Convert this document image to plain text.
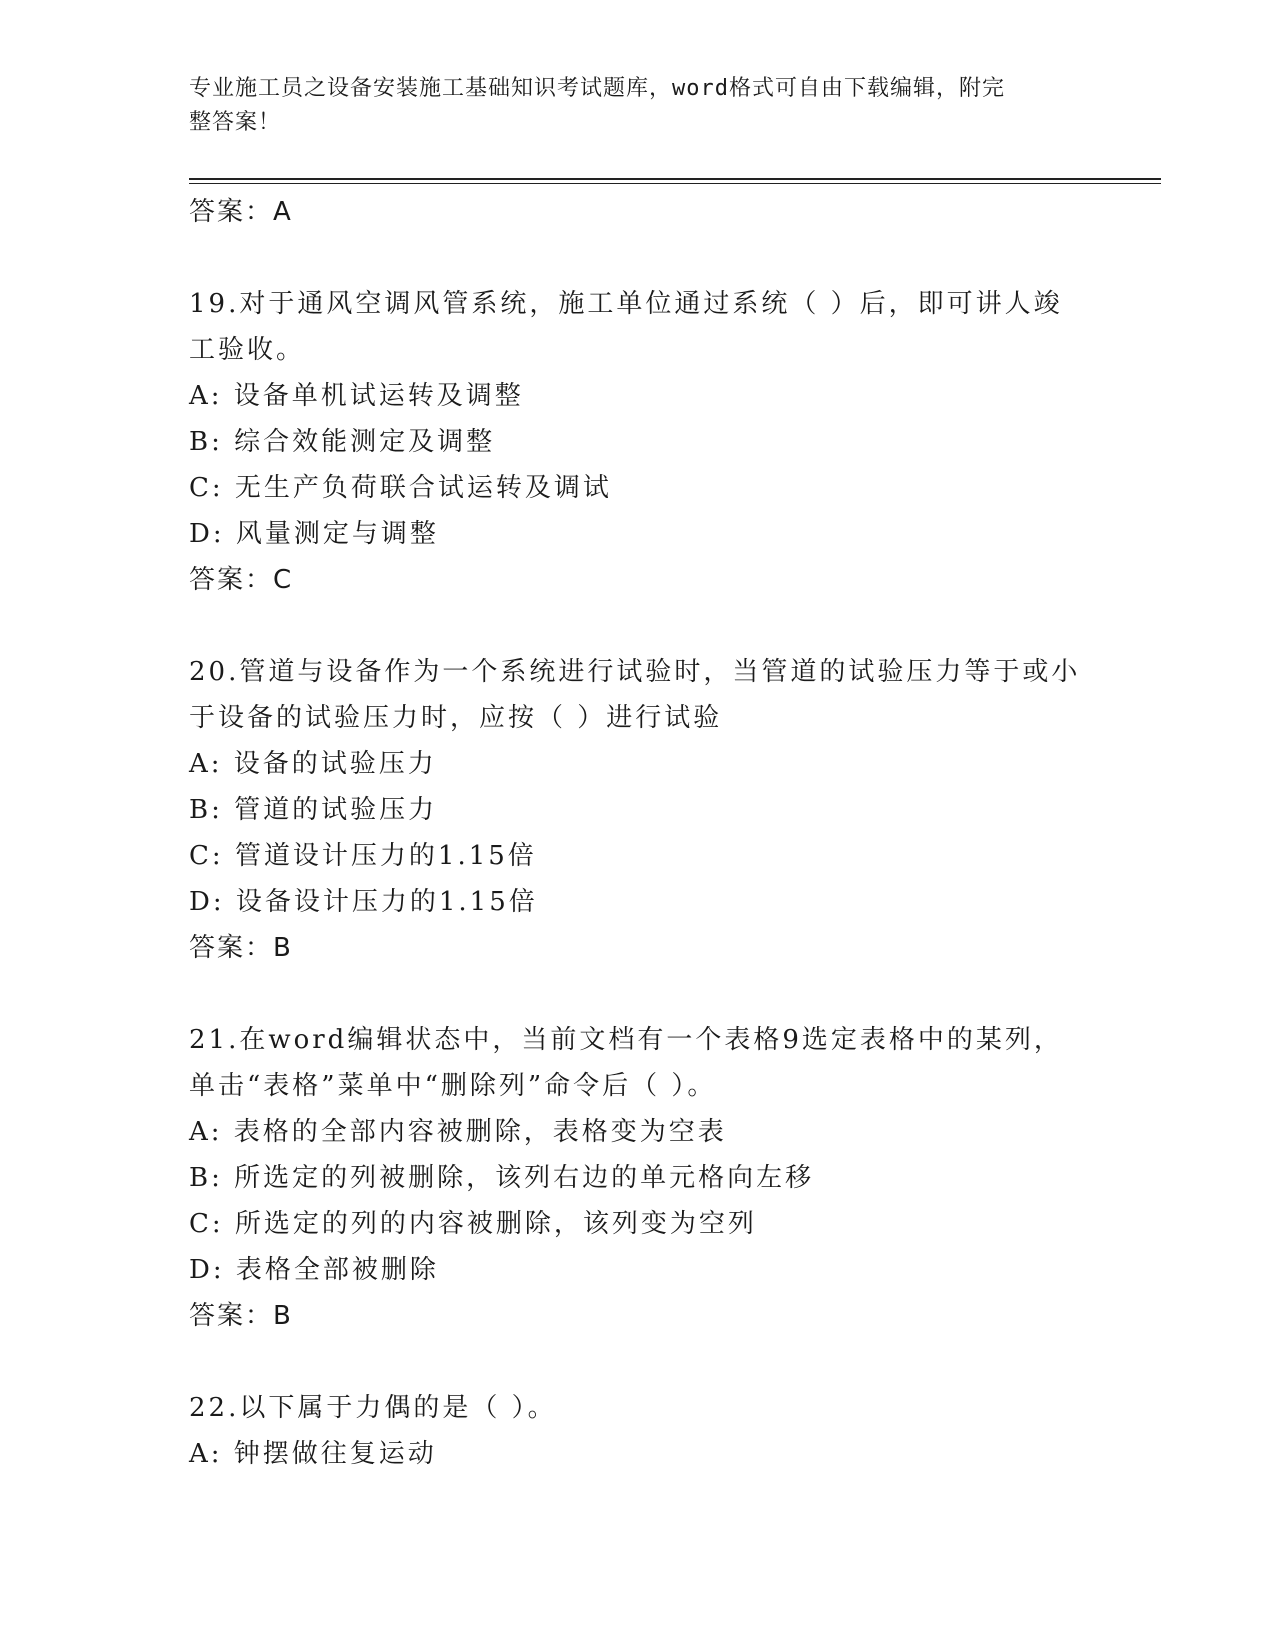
专业施工员之设备安装施工基础知识考试题库，word格式可自由下载编辑，附完
整答案！
答案：A
19.对于通风空调风管系统，施工单位通过系统（ ）后，即可讲人竣
工验收。
A: 设备单机试运转及调整
B: 综合效能测定及调整
C: 无生产负荷联合试运转及调试
D: 风量测定与调整
答案：C
20.管道与设备作为一个系统进行试验时，当管道的试验压力等于或小
于设备的试验压力时，应按（ ）进行试验
A: 设备的试验压力
B: 管道的试验压力
C: 管道设计压力的1.15倍
D: 设备设计压力的1.15倍
答案：B
21.在word编辑状态中，当前文档有一个表格9选定表格中的某列，
单击“表格”菜单中“删除列”命令后（ ）。
A: 表格的全部内容被删除，表格变为空表
B: 所选定的列被删除，该列右边的单元格向左移
C: 所选定的列的内容被删除，该列变为空列
D: 表格全部被删除
答案：B
22.以下属于力偶的是（ ）。
A: 钟摆做往复运动
